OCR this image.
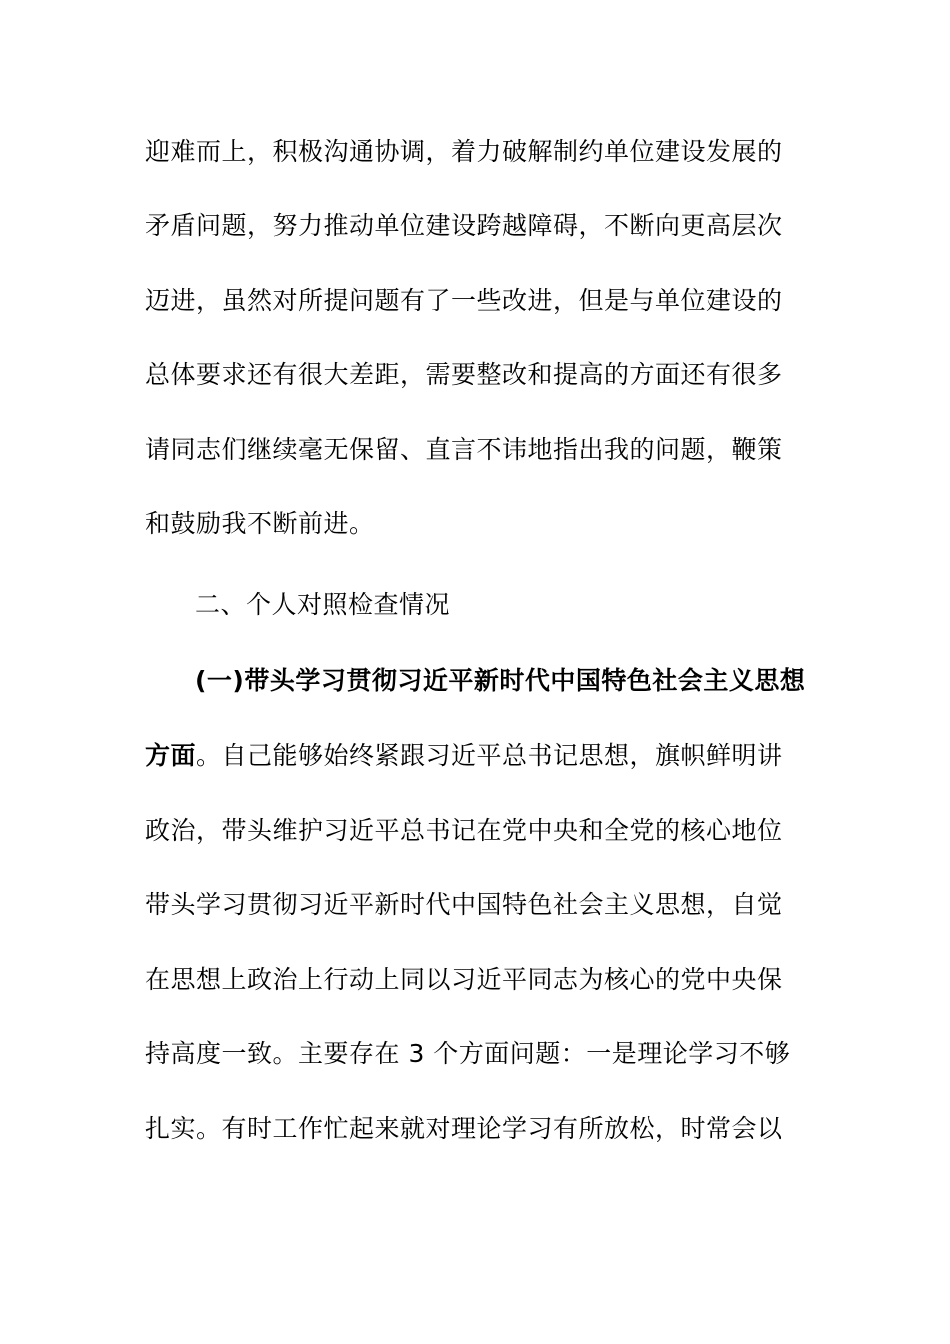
迎难而上，积极沟通协调，着力破解制约单位建设发展的
矛盾问题，努力推动单位建设跨越障碍，不断向更高层次
迈进，虽然对所提问题有了一些改进，但是与单位建设的
总体要求还有很大差距，需要整改和提高的方面还有很多
请同志们继续毫无保留、直言不讳地指出我的问题，鞭策
和鼓励我不断前进。
二、个人对照检查情况
(一)带头学习贯彻习近平新时代中国特色社会主义思想
方面。自己能够始终紧跟习近平总书记思想，旗帜鲜明讲
政治，带头维护习近平总书记在党中央和全党的核心地位
带头学习贯彻习近平新时代中国特色社会主义思想，自觉
在思想上政治上行动上同以习近平同志为核心的党中央保
持高度一致。主要存在 3 个方面问题：一是理论学习不够
扎实。有时工作忙起来就对理论学习有所放松，时常会以
